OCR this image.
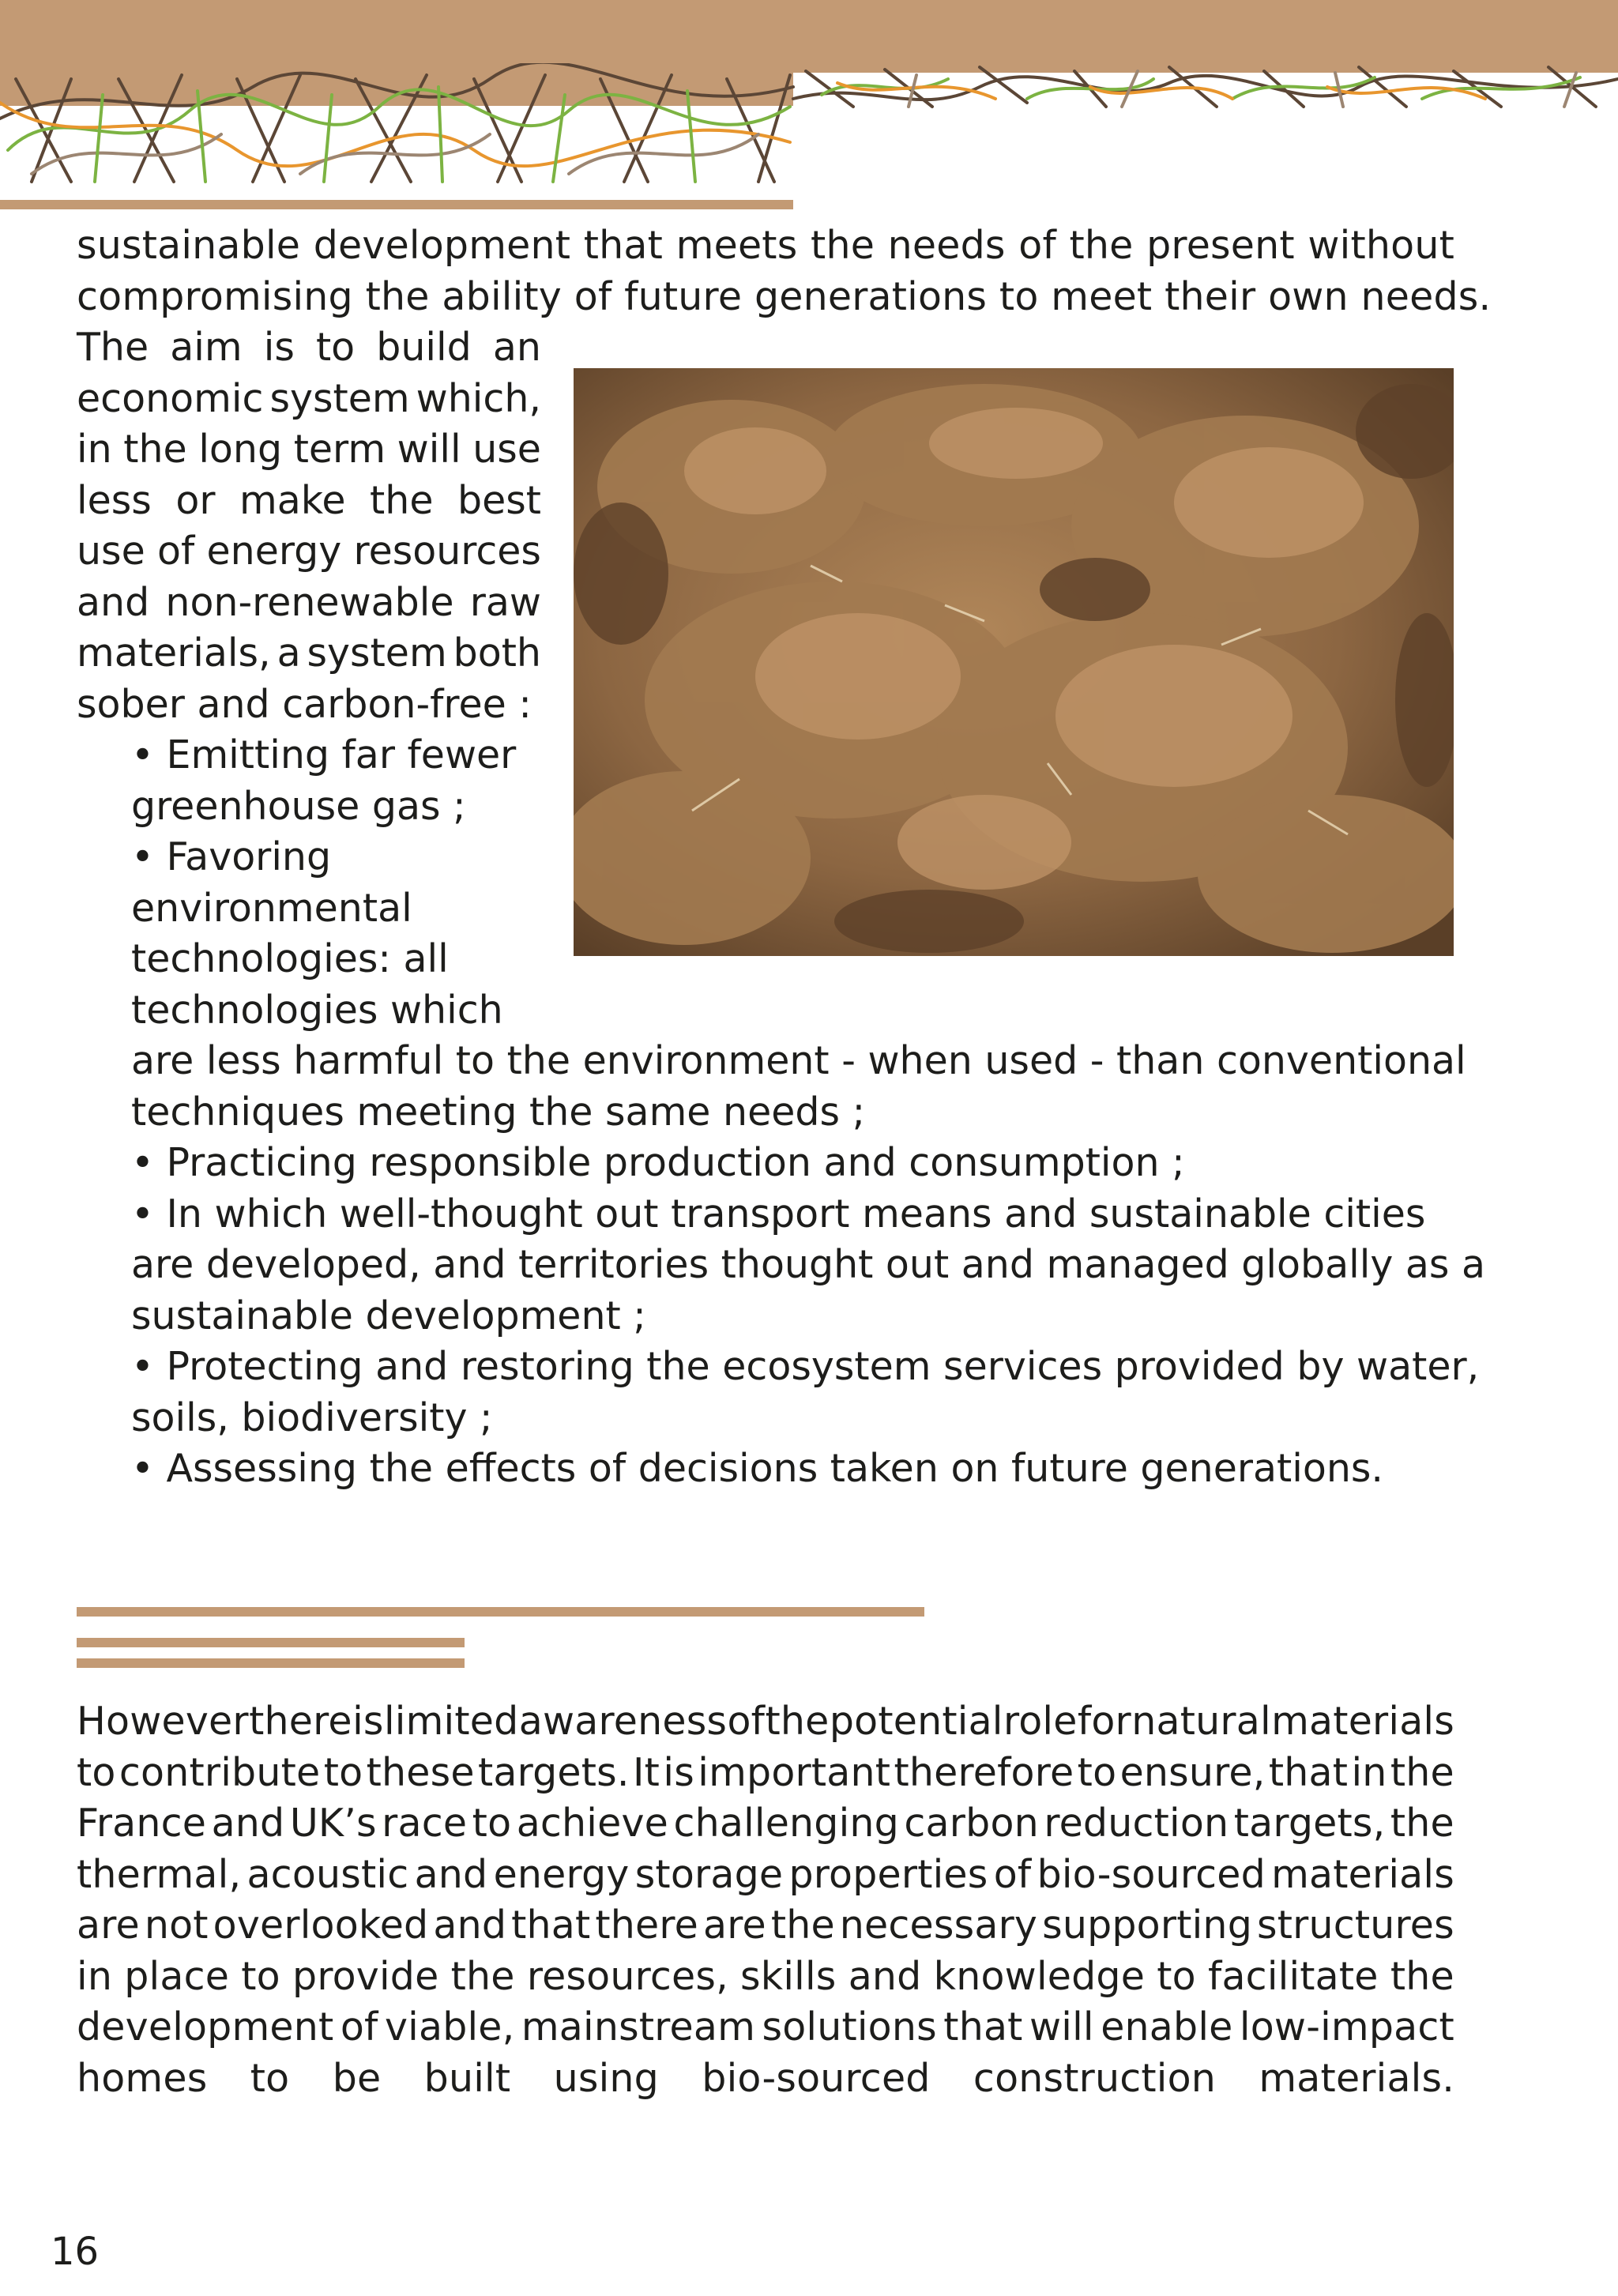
sustainable development that meets the needs of the present without
compromising the ability of future generations to meet their own needs.
The aim is to build an
economic system which,
in the long term will use
less or make the best
use of energy resources
and non-renewable raw
materials, a system both
sober and carbon-free :
• Emitting far fewer
greenhouse gas ;
• Favoring
environmental
technologies: all
technologies which
are less harmful to the environment - when used - than conventional
techniques meeting the same needs ;
• Practicing responsible production and consumption ;
• In which well-thought out transport means and sustainable cities
are developed, and territories thought out and managed globally as a
sustainable development ;
• Protecting and restoring the ecosystem services provided by water,
soils, biodiversity ;
• Assessing the effects of decisions taken on future generations.
However there is limited awareness of the potential role for natural materials
to contribute to these targets. It is important therefore to ensure, that in the
France and UK’s race to achieve challenging carbon reduction targets, the
thermal, acoustic and energy storage properties of bio-sourced materials
are not overlooked and that there are the necessary supporting structures
in place to provide the resources, skills and knowledge to facilitate the
development of viable, mainstream solutions that will enable low-impact
homes to be built using bio-sourced construction materials.
16
